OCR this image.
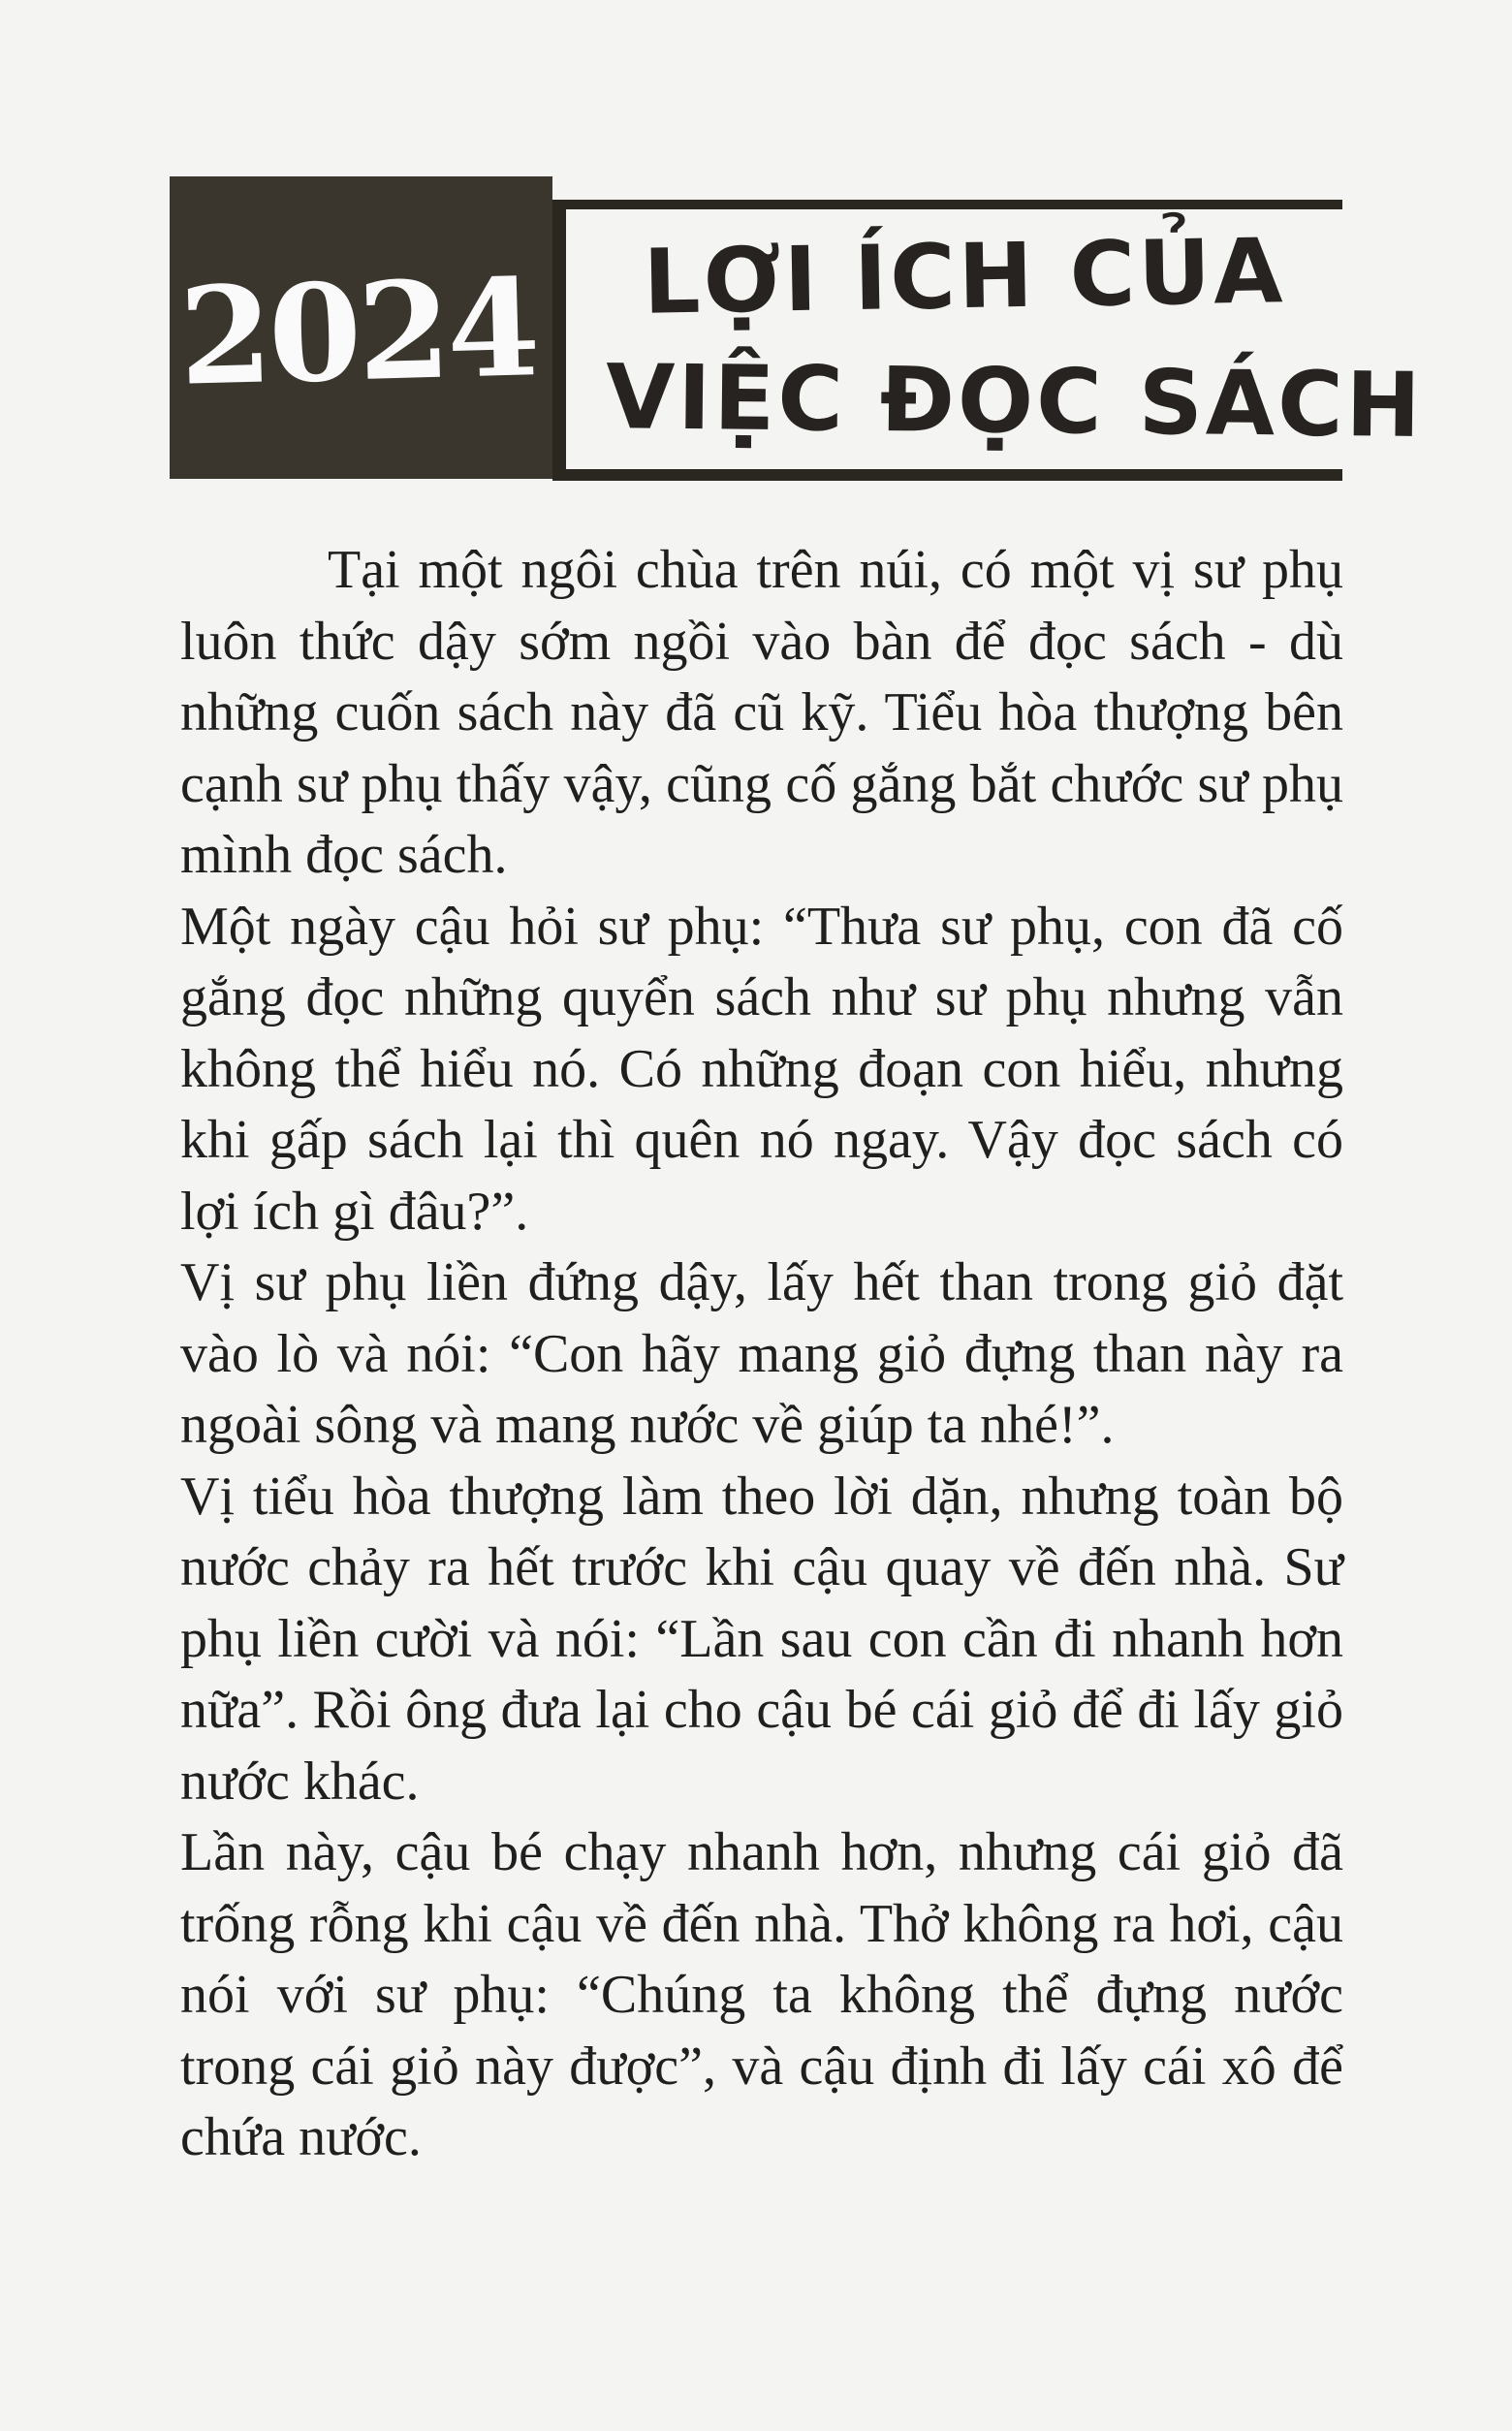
2024	LỢI ÍCH CỦA
VIỆC ĐỌC SÁCH

Tại một ngôi chùa trên núi, có một vị sư phụ luôn thức dậy sớm ngồi vào bàn để đọc sách - dù những cuốn sách này đã cũ kỹ. Tiểu hòa thượng bên cạnh sư phụ thấy vậy, cũng cố gắng bắt chước sư phụ mình đọc sách.

Một ngày cậu hỏi sư phụ: “Thưa sư phụ, con đã cố gắng đọc những quyển sách như sư phụ nhưng vẫn không thể hiểu nó. Có những đoạn con hiểu, nhưng khi gấp sách lại thì quên nó ngay. Vậy đọc sách có lợi ích gì đâu?”.

Vị sư phụ liền đứng dậy, lấy hết than trong giỏ đặt vào lò và nói: “Con hãy mang giỏ đựng than này ra ngoài sông và mang nước về giúp ta nhé!”.

Vị tiểu hòa thượng làm theo lời dặn, nhưng toàn bộ nước chảy ra hết trước khi cậu quay về đến nhà. Sư phụ liền cười và nói: “Lần sau con cần đi nhanh hơn nữa”. Rồi ông đưa lại cho cậu bé cái giỏ để đi lấy giỏ nước khác.

Lần này, cậu bé chạy nhanh hơn, nhưng cái giỏ đã trống rỗng khi cậu về đến nhà. Thở không ra hơi, cậu nói với sư phụ: “Chúng ta không thể đựng nước trong cái giỏ này được”, và cậu định đi lấy cái xô để chứa nước.
